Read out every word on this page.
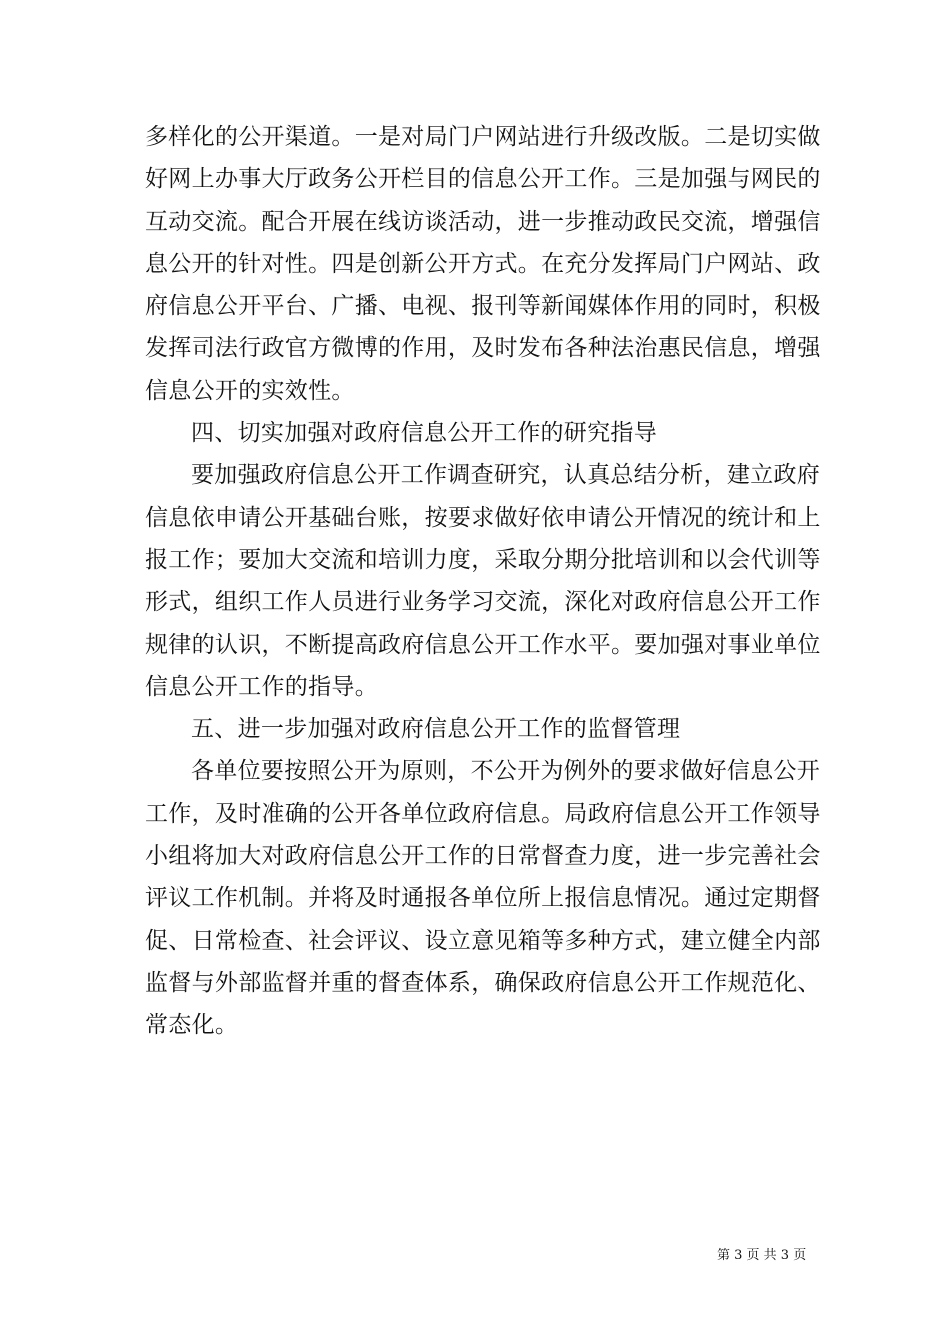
多样化的公开渠道。一是对局门户网站进行升级改版。二是切实做
好网上办事大厅政务公开栏目的信息公开工作。三是加强与网民的
互动交流。配合开展在线访谈活动，进一步推动政民交流，增强信
息公开的针对性。四是创新公开方式。在充分发挥局门户网站、政
府信息公开平台、广播、电视、报刊等新闻媒体作用的同时，积极
发挥司法行政官方微博的作用，及时发布各种法治惠民信息，增强
信息公开的实效性。
四、切实加强对政府信息公开工作的研究指导
要加强政府信息公开工作调查研究，认真总结分析，建立政府
信息依申请公开基础台账，按要求做好依申请公开情况的统计和上
报工作；要加大交流和培训力度，采取分期分批培训和以会代训等
形式，组织工作人员进行业务学习交流，深化对政府信息公开工作
规律的认识，不断提高政府信息公开工作水平。要加强对事业单位
信息公开工作的指导。
五、进一步加强对政府信息公开工作的监督管理
各单位要按照公开为原则，不公开为例外的要求做好信息公开
工作，及时准确的公开各单位政府信息。局政府信息公开工作领导
小组将加大对政府信息公开工作的日常督查力度，进一步完善社会
评议工作机制。并将及时通报各单位所上报信息情况。通过定期督
促、日常检查、社会评议、设立意见箱等多种方式，建立健全内部
监督与外部监督并重的督查体系，确保政府信息公开工作规范化、
常态化。
第 3 页 共 3 页
